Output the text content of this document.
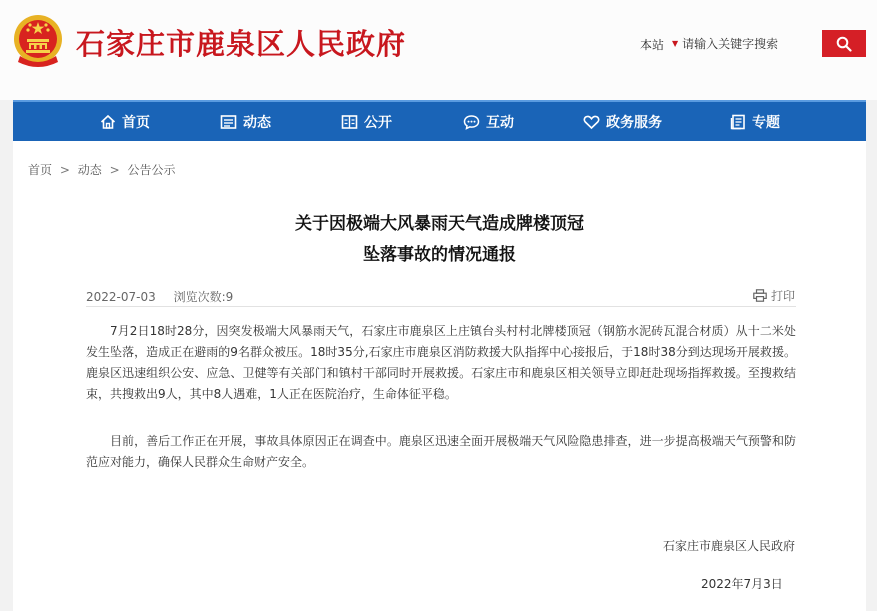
石家庄市鹿泉区人民政府	本站 ▼ 请输入关键字搜索
首页	动态	公开	互动	政务服务	专题
首页 > 动态 > 公告公示
关于因极端大风暴雨天气造成牌楼顶冠
坠落事故的情况通报
2022-07-03 浏览次数:9	打印

7月2日18时28分，因突发极端大风暴雨天气，石家庄市鹿泉区上庄镇台头村村北牌楼顶冠（钢筋水泥砖瓦混合材质）从十二米处发生坠落，造成正在避雨的9名群众被压。18时35分,石家庄市鹿泉区消防救援大队指挥中心接报后，于18时38分到达现场开展救援。鹿泉区迅速组织公安、应急、卫健等有关部门和镇村干部同时开展救援。石家庄市和鹿泉区相关领导立即赶赴现场指挥救援。至搜救结束，共搜救出9人，其中8人遇难，1人正在医院治疗，生命体征平稳。

目前，善后工作正在开展，事故具体原因正在调查中。鹿泉区迅速全面开展极端天气风险隐患排查，进一步提高极端天气预警和防范应对能力，确保人民群众生命财产安全。

石家庄市鹿泉区人民政府
2022年7月3日
